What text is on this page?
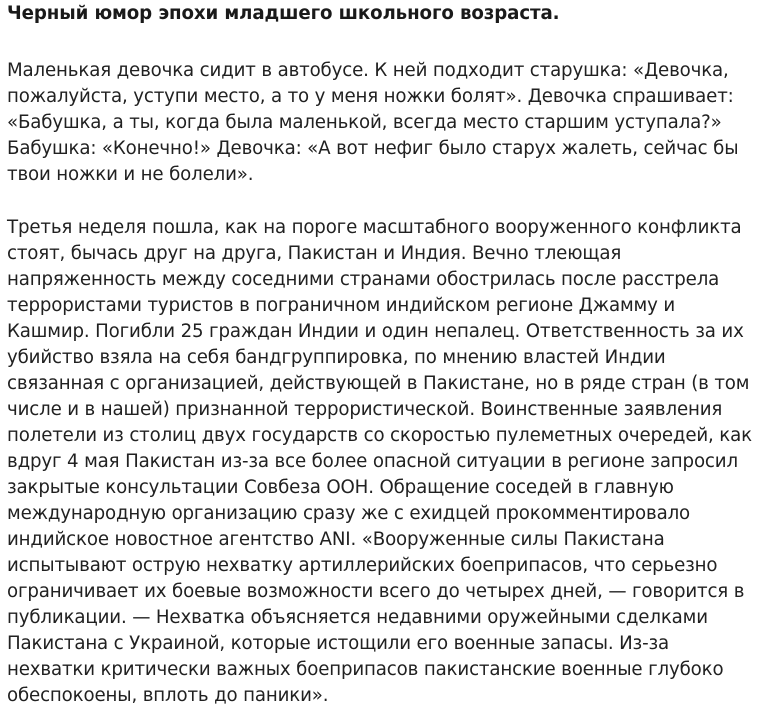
Черный юмор эпохи младшего школьного возраста.

Маленькая девочка сидит в автобусе. К ней подходит старушка: «Девочка,
пожалуйста, уступи место, а то у меня ножки болят». Девочка спрашивает:
«Бабушка, а ты, когда была маленькой, всегда место старшим уступала?»
Бабушка: «Конечно!» Девочка: «А вот нефиг было старух жалеть, сейчас бы
твои ножки и не болели».

Третья неделя пошла, как на пороге масштабного вооруженного конфликта
стоят, бычась друг на друга, Пакистан и Индия. Вечно тлеющая
напряженность между соседними странами обострилась после расстрела
террористами туристов в пограничном индийском регионе Джамму и
Кашмир. Погибли 25 граждан Индии и один непалец. Ответственность за их
убийство взяла на себя бандгруппировка, по мнению властей Индии
связанная с организацией, действующей в Пакистане, но в ряде стран (в том
числе и в нашей) признанной террористической. Воинственные заявления
полетели из столиц двух государств со скоростью пулеметных очередей, как
вдруг 4 мая Пакистан из-за все более опасной ситуации в регионе запросил
закрытые консультации Совбеза ООН. Обращение соседей в главную
международную организацию сразу же с ехидцей прокомментировало
индийское новостное агентство ANI. «Вооруженные силы Пакистана
испытывают острую нехватку артиллерийских боеприпасов, что серьезно
ограничивает их боевые возможности всего до четырех дней, — говорится в
публикации. — Нехватка объясняется недавними оружейными сделками
Пакистана с Украиной, которые истощили его военные запасы. Из-за
нехватки критически важных боеприпасов пакистанские военные глубоко
обеспокоены, вплоть до паники».
